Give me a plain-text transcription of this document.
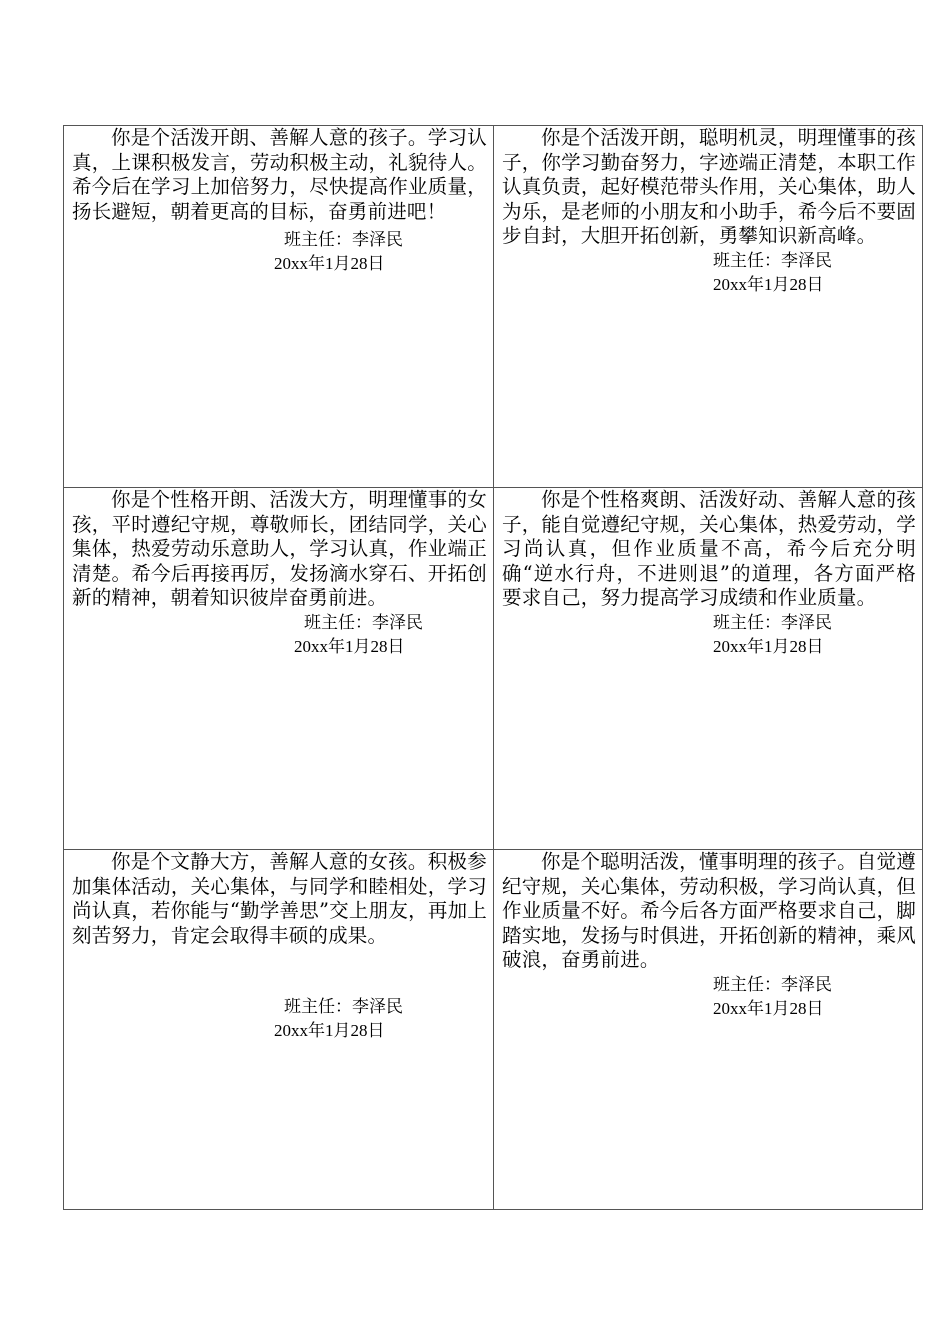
你是个活泼开朗、善解人意的孩子。学习认真，上课积极发言，劳动积极主动，礼貌待人。希今后在学习上加倍努力，尽快提高作业质量，扬长避短，朝着更高的目标，奋勇前进吧！

班主任：李泽民
20xx年1月28日

你是个活泼开朗，聪明机灵，明理懂事的孩子，你学习勤奋努力，字迹端正清楚，本职工作认真负责，起好模范带头作用，关心集体，助人为乐，是老师的小朋友和小助手，希今后不要固步自封，大胆开拓创新，勇攀知识新高峰。

班主任：李泽民
20xx年1月28日

你是个性格开朗、活泼大方，明理懂事的女孩，平时遵纪守规，尊敬师长，团结同学，关心集体，热爱劳动乐意助人，学习认真，作业端正清楚。希今后再接再厉，发扬滴水穿石、开拓创新的精神，朝着知识彼岸奋勇前进。

班主任：李泽民
20xx年1月28日

你是个性格爽朗、活泼好动、善解人意的孩子，能自觉遵纪守规，关心集体，热爱劳动，学习尚认真，但作业质量不高，希今后充分明确“逆水行舟，不进则退”的道理，各方面严格要求自己，努力提高学习成绩和作业质量。

班主任：李泽民
20xx年1月28日

你是个文静大方，善解人意的女孩。积极参加集体活动，关心集体，与同学和睦相处，学习尚认真，若你能与“勤学善思”交上朋友，再加上刻苦努力，肯定会取得丰硕的成果。

班主任：李泽民
20xx年1月28日

你是个聪明活泼，懂事明理的孩子。自觉遵纪守规，关心集体，劳动积极，学习尚认真，但作业质量不好。希今后各方面严格要求自己，脚踏实地，发扬与时俱进，开拓创新的精神，乘风破浪，奋勇前进。

班主任：李泽民
20xx年1月28日
